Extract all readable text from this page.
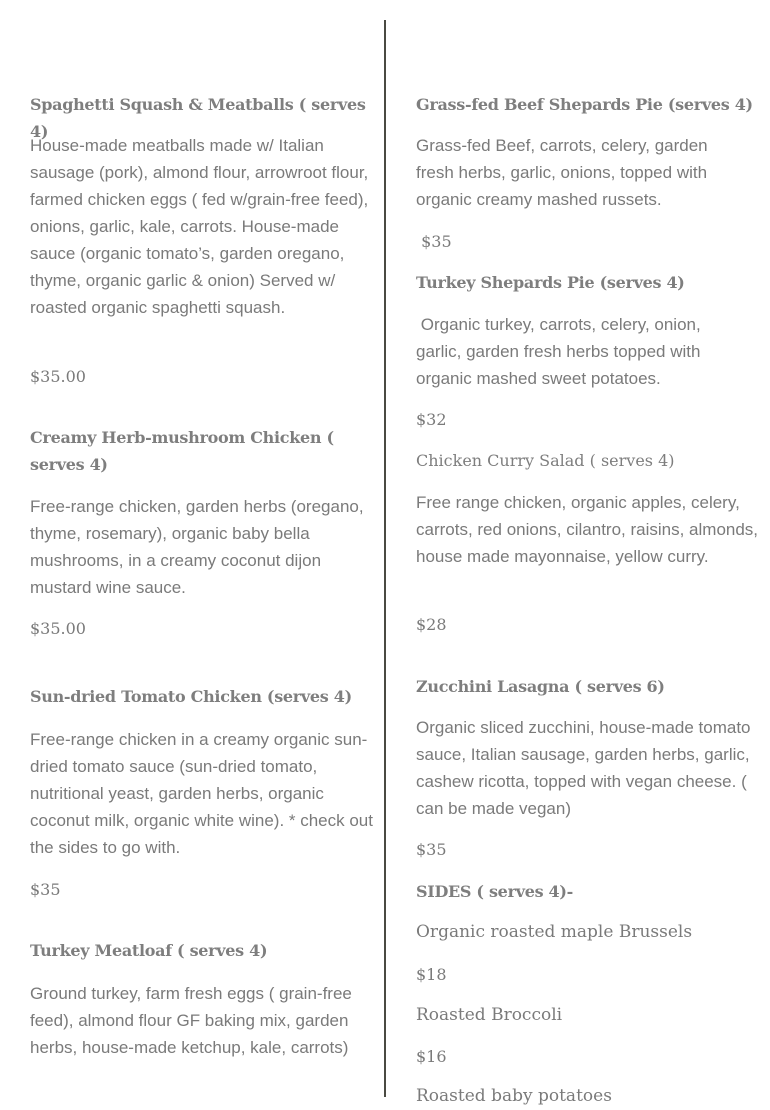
Spaghetti Squash & Meatballs ( serves 4)
House-made meatballs made w/ Italian sausage (pork), almond flour, arrowroot flour, farmed chicken eggs ( fed w/grain-free feed), onions, garlic, kale, carrots. House-made sauce (organic tomato’s, garden oregano, thyme, organic garlic & onion) Served w/ roasted organic spaghetti squash.
$35.00
Creamy Herb-mushroom Chicken ( serves 4)
Free-range chicken, garden herbs (oregano, thyme, rosemary), organic baby bella mushrooms, in a creamy coconut dijon mustard wine sauce.
$35.00
Sun-dried Tomato Chicken (serves 4)
Free-range chicken in a creamy organic sun-dried tomato sauce (sun-dried tomato, nutritional yeast, garden herbs, organic coconut milk, organic white wine). * check out the sides to go with.
$35
Turkey Meatloaf ( serves 4)
Ground turkey, farm fresh eggs ( grain-free feed), almond flour GF baking mix, garden herbs, house-made ketchup, kale, carrots)
Grass-fed Beef Shepards Pie (serves 4)
Grass-fed Beef, carrots, celery, garden fresh herbs, garlic, onions, topped with organic creamy mashed russets.
$35
Turkey Shepards Pie (serves 4)
Organic turkey, carrots, celery, onion, garlic, garden fresh herbs topped with organic mashed sweet potatoes.
$32
Chicken Curry Salad ( serves 4)
Free range chicken, organic apples, celery, carrots, red onions, cilantro, raisins, almonds, house made mayonnaise, yellow curry.
$28
Zucchini Lasagna ( serves 6)
Organic sliced zucchini, house-made tomato sauce, Italian sausage, garden herbs, garlic, cashew ricotta, topped with vegan cheese. ( can be made vegan)
$35
SIDES ( serves 4)-
Organic roasted maple Brussels
$18
Roasted Broccoli
$16
Roasted baby potatoes
